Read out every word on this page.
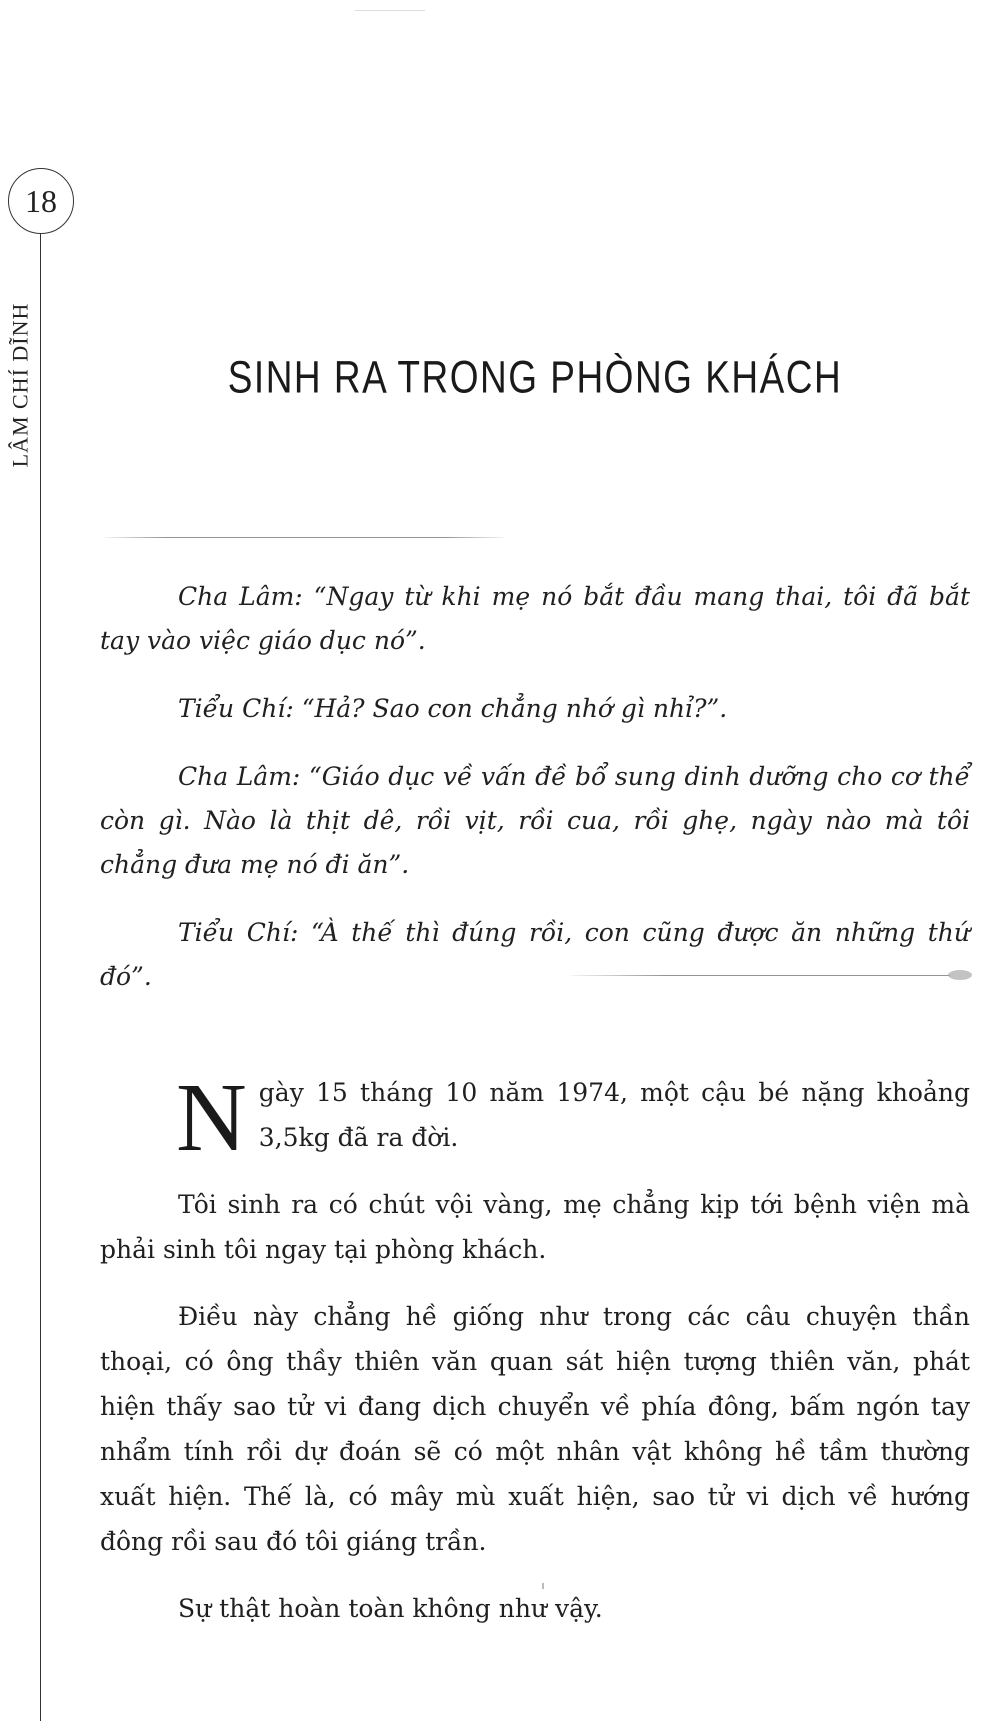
18
LÂM CHÍ DĨNH	SINH RA TRONG PHÒNG KHÁCH

Cha Lâm: “Ngay từ khi mẹ nó bắt đầu mang thai, tôi đã bắt tay vào việc giáo dục nó”.

Tiểu Chí: “Hả? Sao con chẳng nhớ gì nhỉ?”.

Cha Lâm: “Giáo dục về vấn đề bổ sung dinh dưỡng cho cơ thể còn gì. Nào là thịt dê, rồi vịt, rồi cua, rồi ghẹ, ngày nào mà tôi chẳng đưa mẹ nó đi ăn”.

Tiểu Chí: “À thế thì đúng rồi, con cũng được ăn những thứ đó”.

Ngày 15 tháng 10 năm 1974, một cậu bé nặng khoảng 3,5kg đã ra đời.

Tôi sinh ra có chút vội vàng, mẹ chẳng kịp tới bệnh viện mà phải sinh tôi ngay tại phòng khách.

Điều này chẳng hề giống như trong các câu chuyện thần thoại, có ông thầy thiên văn quan sát hiện tượng thiên văn, phát hiện thấy sao tử vi đang dịch chuyển về phía đông, bấm ngón tay nhẩm tính rồi dự đoán sẽ có một nhân vật không hề tầm thường xuất hiện. Thế là, có mây mù xuất hiện, sao tử vi dịch về hướng đông rồi sau đó tôi giáng trần.

Sự thật hoàn toàn không như vậy.
